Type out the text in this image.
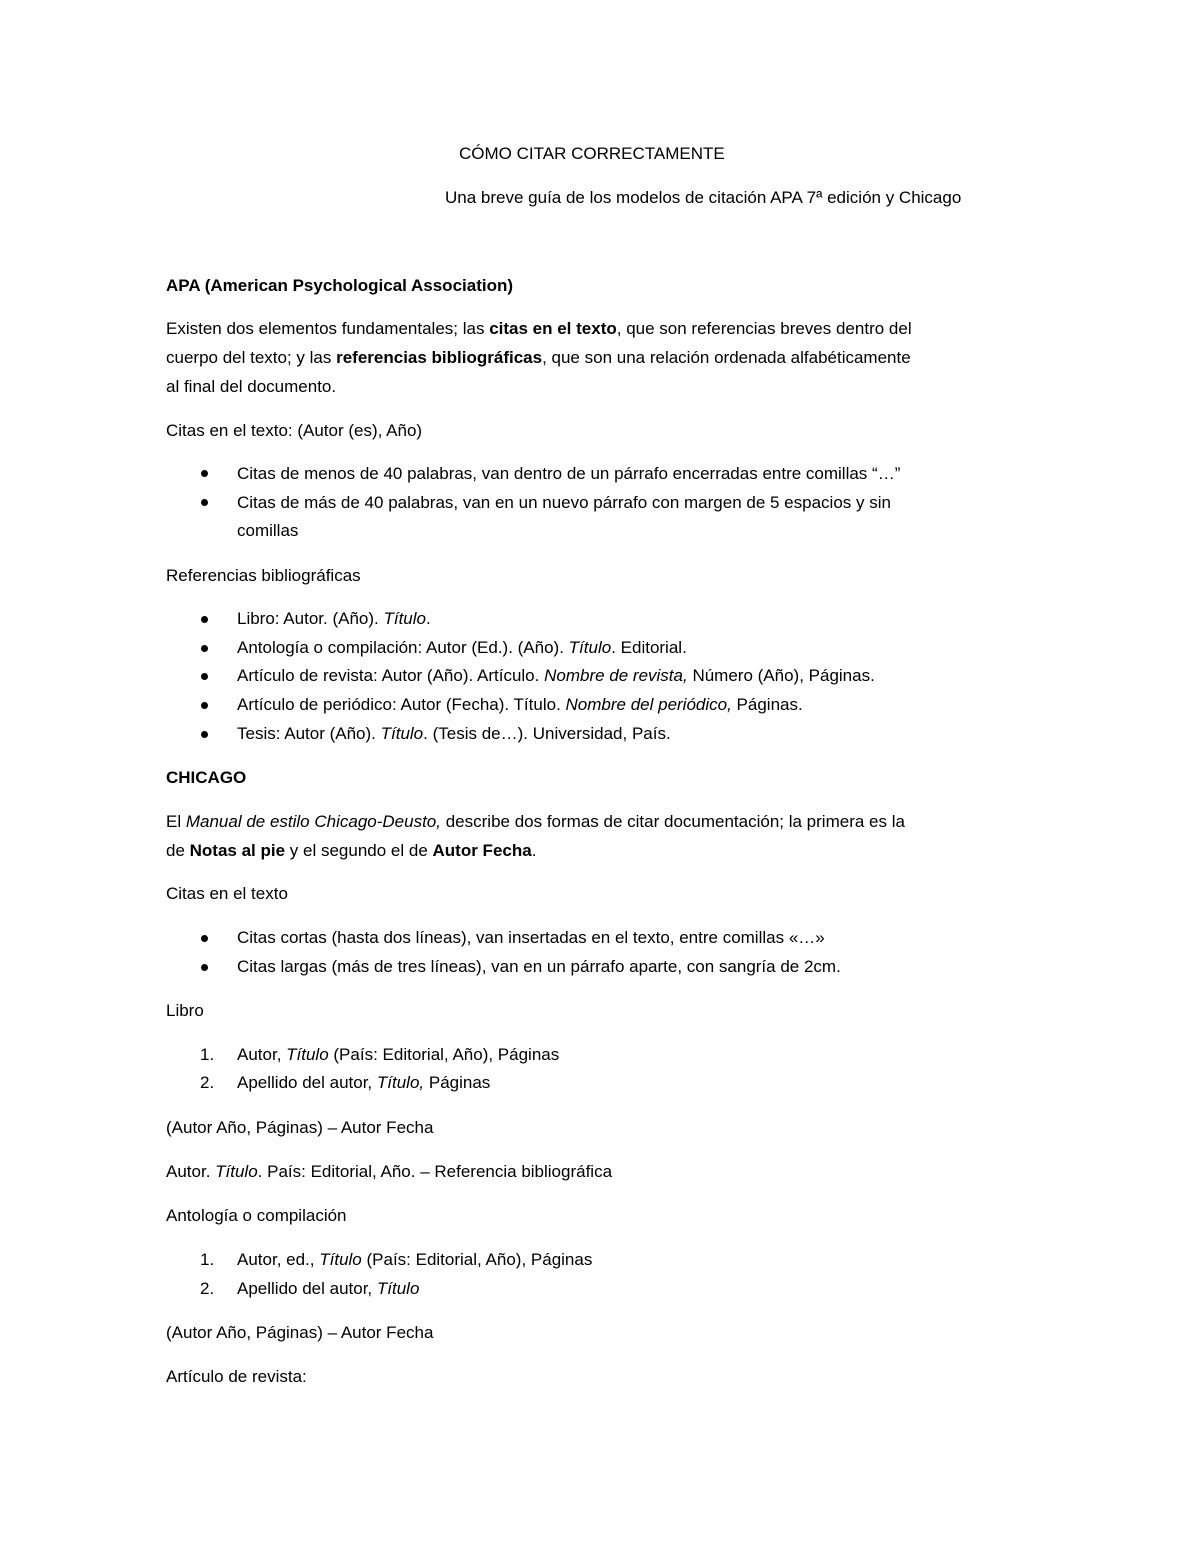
CÓMO CITAR CORRECTAMENTE
Una breve guía de los modelos de citación APA 7ª edición y Chicago
APA (American Psychological Association)
Existen dos elementos fundamentales; las citas en el texto, que son referencias breves dentro del
cuerpo del texto; y las referencias bibliográficas, que son una relación ordenada alfabéticamente
al final del documento.
Citas en el texto: (Autor (es), Año)
Citas de menos de 40 palabras, van dentro de un párrafo encerradas entre comillas “…”
Citas de más de 40 palabras, van en un nuevo párrafo con margen de 5 espacios y sin
comillas
Referencias bibliográficas
Libro: Autor. (Año). Título.
Antología o compilación: Autor (Ed.). (Año). Título. Editorial.
Artículo de revista: Autor (Año). Artículo. Nombre de revista, Número (Año), Páginas.
Artículo de periódico: Autor (Fecha). Título. Nombre del periódico, Páginas.
Tesis: Autor (Año). Título. (Tesis de…). Universidad, País.
CHICAGO
El Manual de estilo Chicago-Deusto, describe dos formas de citar documentación; la primera es la
de Notas al pie y el segundo el de Autor Fecha.
Citas en el texto
Citas cortas (hasta dos líneas), van insertadas en el texto, entre comillas «…»
Citas largas (más de tres líneas), van en un párrafo aparte, con sangría de 2cm.
Libro
1. Autor, Título (País: Editorial, Año), Páginas
2. Apellido del autor, Título, Páginas
(Autor Año, Páginas) – Autor Fecha
Autor. Título. País: Editorial, Año. – Referencia bibliográfica
Antología o compilación
1. Autor, ed., Título (País: Editorial, Año), Páginas
2. Apellido del autor, Título
(Autor Año, Páginas) – Autor Fecha
Artículo de revista:
